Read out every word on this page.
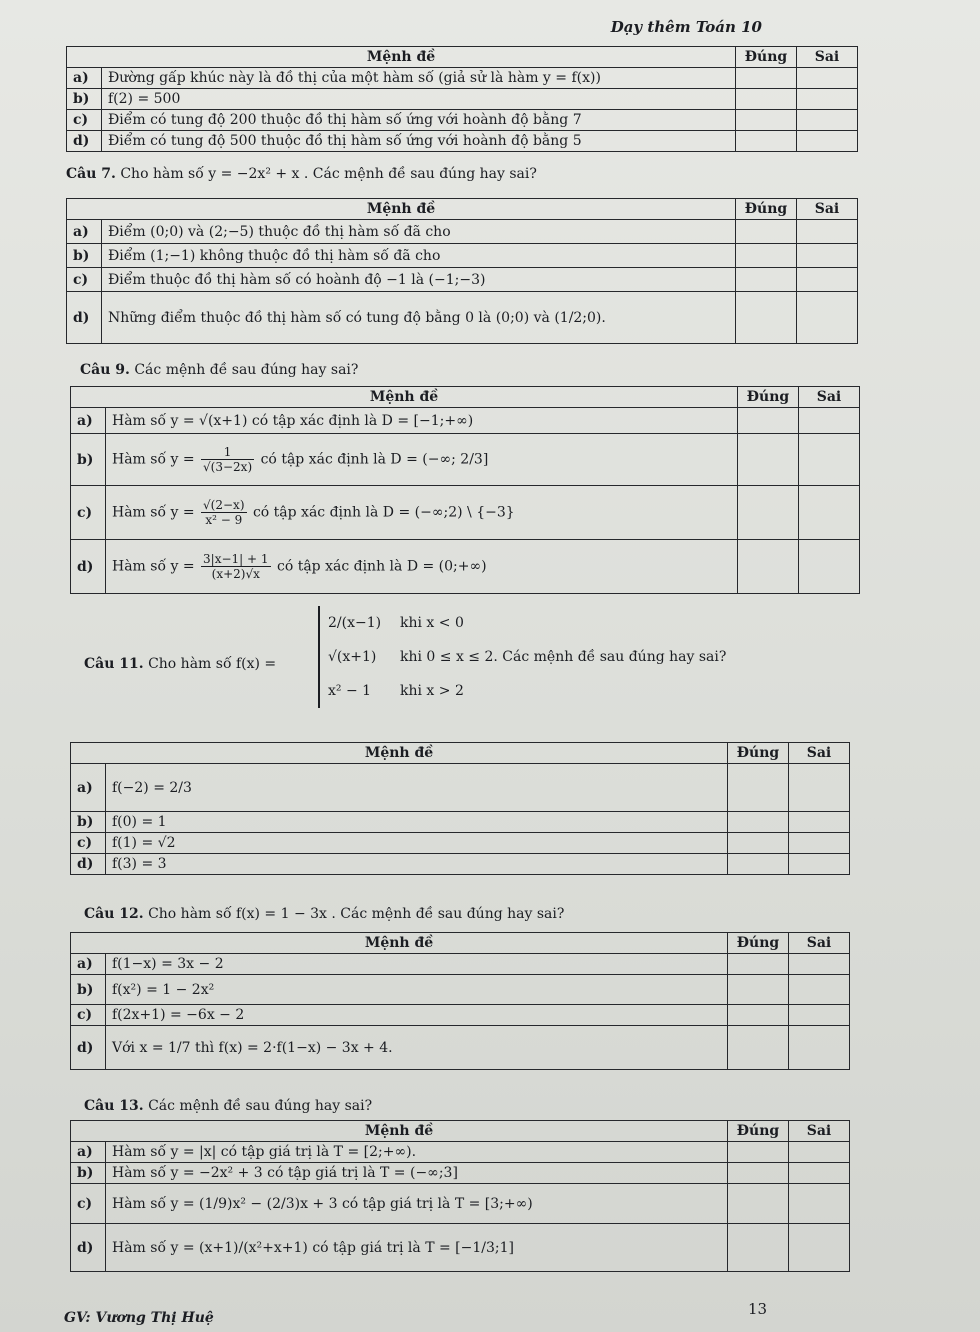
Dạy thêm Toán 10
Mệnh đề		Đúng	Sai
a)	Đường gấp khúc này là đồ thị của một hàm số (giả sử là hàm y = f(x))		
b)	f(2) = 500		
c)	Điểm có tung độ 200 thuộc đồ thị hàm số ứng với hoành độ bằng 7		
d)	Điểm có tung độ 500 thuộc đồ thị hàm số ứng với hoành độ bằng 5		
Câu 7. Cho hàm số y = −2x² + x . Các mệnh đề sau đúng hay sai?
Mệnh đề		Đúng	Sai
a)	Điểm (0;0) và (2;−5) thuộc đồ thị hàm số đã cho		
b)	Điểm (1;−1) không thuộc đồ thị hàm số đã cho		
c)	Điểm thuộc đồ thị hàm số có hoành độ −1 là (−1;−3)		
d)	Những điểm thuộc đồ thị hàm số có tung độ bằng 0 là (0;0) và (1/2;0).		
Câu 9. Các mệnh đề sau đúng hay sai?
Mệnh đề		Đúng	Sai
a)	Hàm số y = √(x+1) có tập xác định là D = [−1;+∞)		
b)	Hàm số $y = \frac{1}{√(3-2x)}$ có tập xác định là D = (−∞; 2/3]		
c)	Hàm số $y = \frac{√(2-x)}{\text{x² − 9}}$ có tập xác định là D = (−∞;2) \ {−3}		
d)	Hàm số $y = \frac{3|x-1| + 1}{(x+2)√x}$ có tập xác định là D = (0;+∞)		
Câu 11. Cho hàm số f(x) =
2/(x−1)	khi x < 0
√(x+1)	khi 0 ≤ x ≤ 2 . Các mệnh đề sau đúng hay sai?
x² − 1	khi x > 2
Mệnh đề		Đúng	Sai
a)	f(−2) = 2/3		
b)	f(0) = 1		
c)	f(1) = √2		
d)	f(3) = 3		
Câu 12. Cho hàm số f(x) = 1 − 3x . Các mệnh đề sau đúng hay sai?
Mệnh đề		Đúng	Sai
a)	f(1−x) = 3x − 2		
b)	f(x²) = 1 − 2x²		
c)	f(2x+1) = −6x − 2		
d)	Với x = 1/7 thì f(x) = 2·f(1−x) − 3x + 4.		
Câu 13. Các mệnh đề sau đúng hay sai?
Mệnh đề		Đúng	Sai
a)	Hàm số y = |x| có tập giá trị là T = [2;+∞).		
b)	Hàm số y = −2x² + 3 có tập giá trị là T = (−∞;3]		
c)	Hàm số y = (1/9)x² − (2/3)x + 3 có tập giá trị là T = [3;+∞)		
d)	Hàm số y = (x+1)/(x²+x+1) có tập giá trị là T = [−1/3;1]		
GV: Vương Thị Huệ	13
